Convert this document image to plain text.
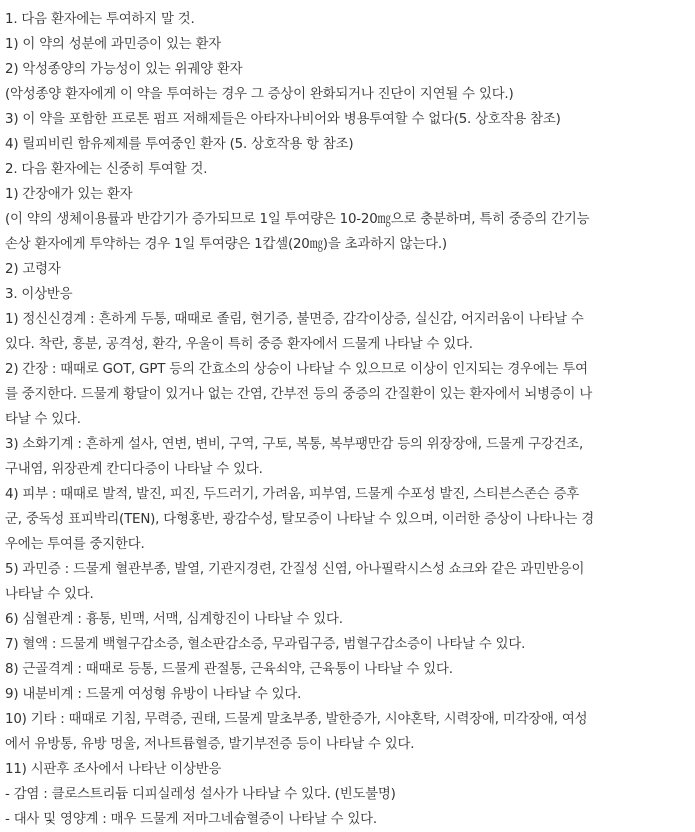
1. 다음 환자에는 투여하지 말 것.
1) 이 약의 성분에 과민증이 있는 환자
2) 악성종양의 가능성이 있는 위궤양 환자
(악성종양 환자에게 이 약을 투여하는 경우 그 증상이 완화되거나 진단이 지연될 수 있다.)
3) 이 약을 포함한 프로톤 펌프 저해제들은 아타자나비어와 병용투여할 수 없다(5. 상호작용 참조)
4) 릴피비린 함유제제를 투여중인 환자 (5. 상호작용 항 참조)
2. 다음 환자에는 신중히 투여할 것.
1) 간장애가 있는 환자
(이 약의 생체이용률과 반감기가 증가되므로 1일 투여량은 10-20㎎으로 충분하며, 특히 중증의 간기능
손상 환자에게 투약하는 경우 1일 투여량은 1캅셀(20㎎)을 초과하지 않는다.)
2) 고령자
3. 이상반응
1) 정신신경계 : 흔하게 두통, 때때로 졸림, 현기증, 불면증, 감각이상증, 실신감, 어지러움이 나타날 수
있다. 착란, 흥분, 공격성, 환각, 우울이 특히 중증 환자에서 드물게 나타날 수 있다.
2) 간장 : 때때로 GOT, GPT 등의 간효소의 상승이 나타날 수 있으므로 이상이 인지되는 경우에는 투여
를 중지한다. 드물게 황달이 있거나 없는 간염, 간부전 등의 중증의 간질환이 있는 환자에서 뇌병증이 나
타날 수 있다.
3) 소화기계 : 흔하게 설사, 연변, 변비, 구역, 구토, 복통, 복부팽만감 등의 위장장애, 드물게 구강건조,
구내염, 위장관계 칸디다증이 나타날 수 있다.
4) 피부 : 때때로 발적, 발진, 피진, 두드러기, 가려움, 피부염, 드물게 수포성 발진, 스티븐스존슨 증후
군, 중독성 표피박리(TEN), 다형홍반, 광감수성, 탈모증이 나타날 수 있으며, 이러한 증상이 나타나는 경
우에는 투여를 중지한다.
5) 과민증 : 드물게 혈관부종, 발열, 기관지경련, 간질성 신염, 아나필락시스성 쇼크와 같은 과민반응이
나타날 수 있다.
6) 심혈관계 : 흉통, 빈맥, 서맥, 심계항진이 나타날 수 있다.
7) 혈액 : 드물게 백혈구감소증, 혈소판감소증, 무과립구증, 범혈구감소증이 나타날 수 있다.
8) 근골격계 : 때때로 등통, 드물게 관절통, 근육쇠약, 근육통이 나타날 수 있다.
9) 내분비계 : 드물게 여성형 유방이 나타날 수 있다.
10) 기타 : 때때로 기침, 무력증, 권태, 드물게 말초부종, 발한증가, 시야혼탁, 시력장애, 미각장애, 여성
에서 유방통, 유방 멍울, 저나트륨혈증, 발기부전증 등이 나타날 수 있다.
11) 시판후 조사에서 나타난 이상반응
- 감염 : 클로스트리듐 디피실레성 설사가 나타날 수 있다. (빈도불명)
- 대사 및 영양계 : 매우 드물게 저마그네슘혈증이 나타날 수 있다.
